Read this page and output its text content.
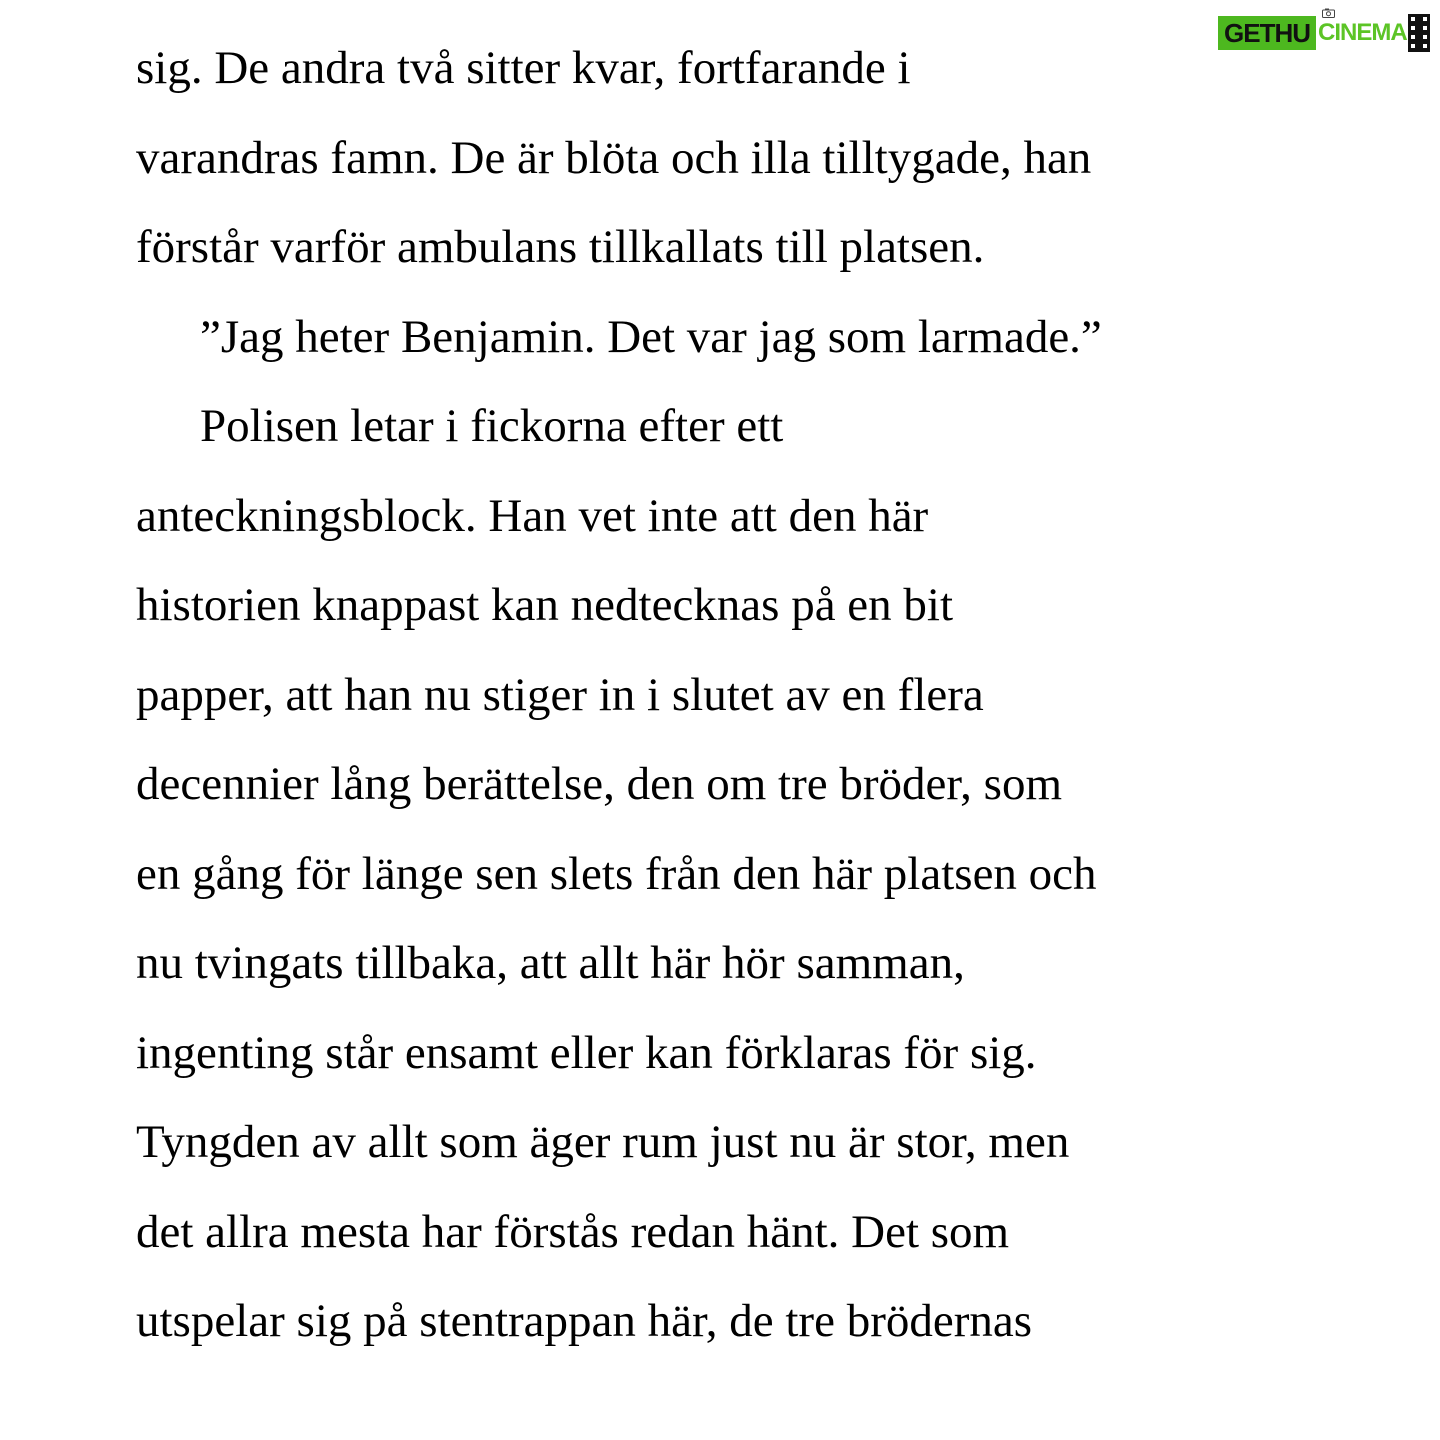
sig. De andra två sitter kvar, fortfarande i
varandras famn. De är blöta och illa tilltygade, han
förstår varför ambulans tillkallats till platsen.
”Jag heter Benjamin. Det var jag som larmade.”
Polisen letar i fickorna efter ett
anteckningsblock. Han vet inte att den här
historien knappast kan nedtecknas på en bit
papper, att han nu stiger in i slutet av en flera
decennier lång berättelse, den om tre bröder, som
en gång för länge sen slets från den här platsen och
nu tvingats tillbaka, att allt här hör samman,
ingenting står ensamt eller kan förklaras för sig.
Tyngden av allt som äger rum just nu är stor, men
det allra mesta har förstås redan hänt. Det som
utspelar sig på stentrappan här, de tre brödernas
GETHU CINEMA
